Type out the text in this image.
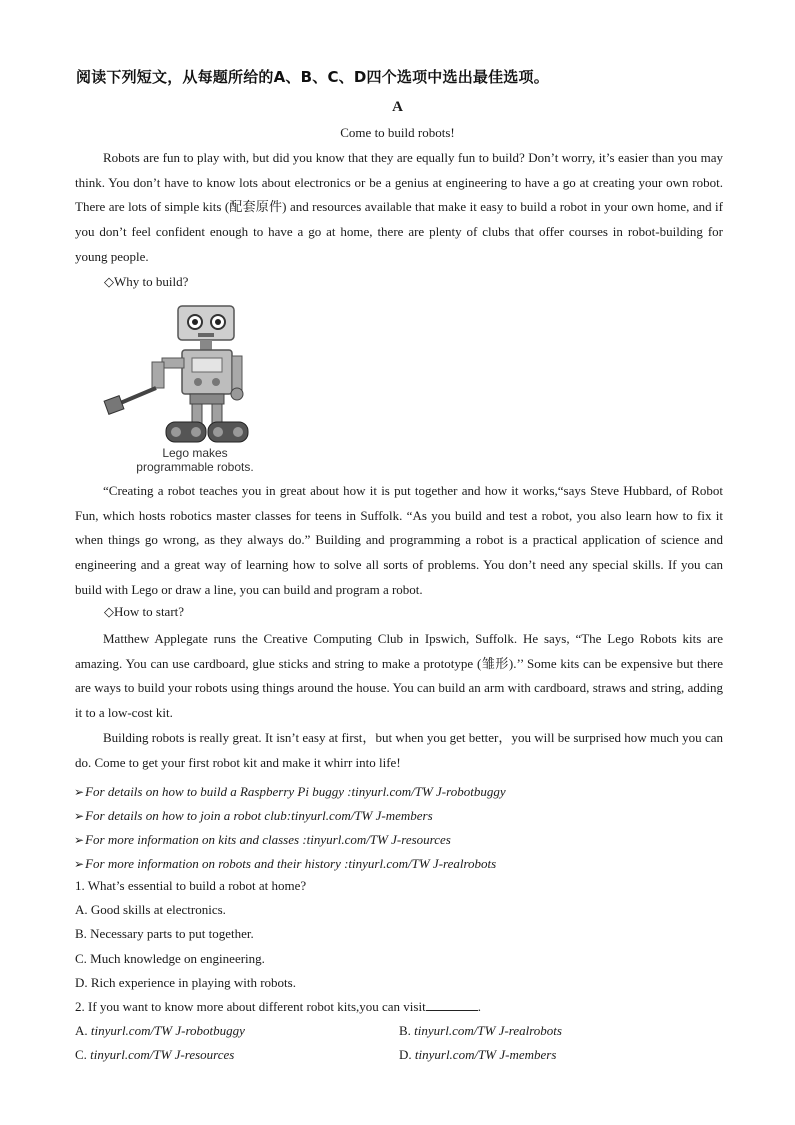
阅读下列短文，从每题所给的A、B、C、D四个选项中选出最佳选项。
A
Come to build robots!

Robots are fun to play with, but did you know that they are equally fun to build? Don’t worry, it’s easier than you may think. You don’t have to know lots about electronics or be a genius at engineering to have a go at creating your own robot. There are lots of simple kits (配套原件) and resources available that make it easy to build a robot in your own home, and if you don’t feel confident enough to have a go at home, there are plenty of clubs that offer courses in robot-building for young people.

◇Why to build?
Lego makes
programmable robots.

“Creating a robot teaches you in great about how it is put together and how it works,“says Steve Hubbard, of Robot Fun, which hosts robotics master classes for teens in Suffolk. “As you build and test a robot, you also learn how to fix it when things go wrong, as they always do.” Building and programming a robot is a practical application of science and engineering and a great way of learning how to solve all sorts of problems. You don’t need any special skills. If you can build with Lego or draw a line, you can build and program a robot.

◇How to start?

Matthew Applegate runs the Creative Computing Club in Ipswich, Suffolk. He says, “The Lego Robots kits are amazing. You can use cardboard, glue sticks and string to make a prototype (雏形).’’ Some kits can be expensive but there are ways to build your robots using things around the house. You can build an arm with cardboard, straws and string, adding it to a low-cost kit.

Building robots is really great. It isn’t easy at first，but when you get better，you will be surprised how much you can do. Come to get your first robot kit and make it whirr into life!

➢For details on how to build a Raspberry Pi buggy :tinyurl.com/TW J-robotbuggy
➢For details on how to join a robot club:tinyurl.com/TW J-members
➢For more information on kits and classes :tinyurl.com/TW J-resources
➢For more information on robots and their history :tinyurl.com/TW J-realrobots
1. What’s essential to build a robot at home?
A. Good skills at electronics.
B. Necessary parts to put together.
C. Much knowledge on engineering.
D. Rich experience in playing with robots.
2. If you want to know more about different robot kits,you can visit	.
A. tinyurl.com/TW J-robotbuggy	B. tinyurl.com/TW J-realrobots
C. tinyurl.com/TW J-resources	D. tinyurl.com/TW J-members
